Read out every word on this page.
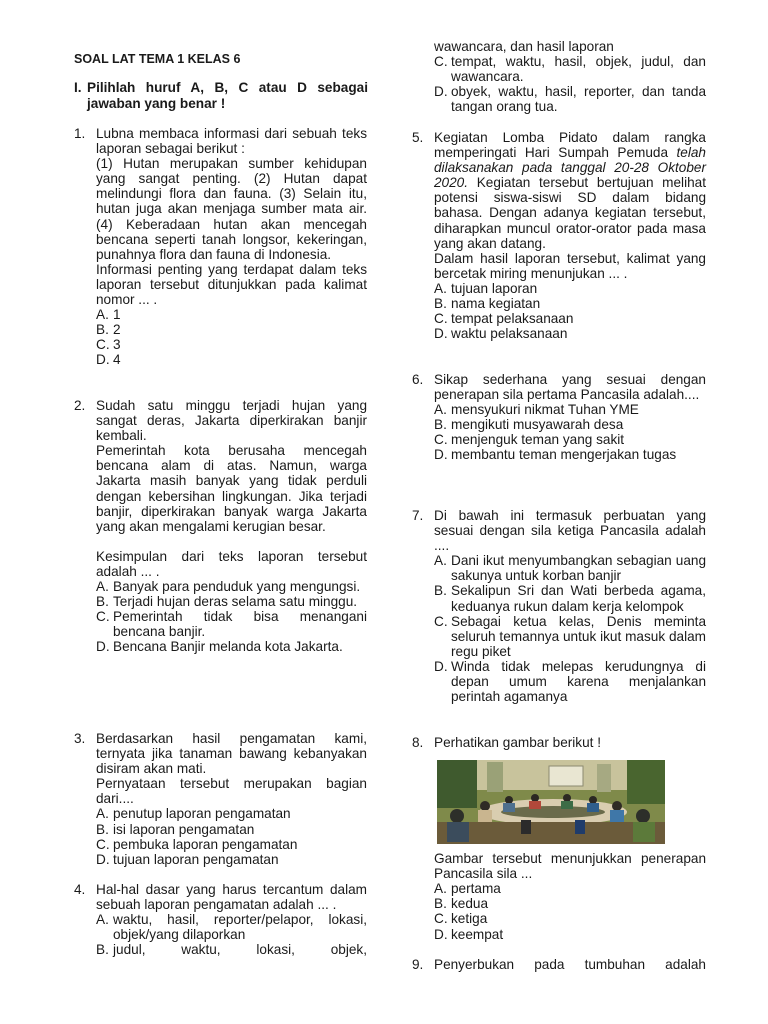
SOAL LAT TEMA 1 KELAS 6
I. Pilihlah huruf A, B, C atau D sebagai jawaban yang benar !

1. Lubna membaca informasi dari sebuah teks laporan sebagai berikut :

(1) Hutan merupakan sumber kehidupan yang sangat penting. (2) Hutan dapat melindungi flora dan fauna. (3) Selain itu, hutan juga akan menjaga sumber mata air. (4) Keberadaan hutan akan mencegah bencana seperti tanah longsor, kekeringan, punahnya flora dan fauna di Indonesia.

Informasi penting yang terdapat dalam teks laporan tersebut ditunjukkan pada kalimat nomor ... .

A. 1
B. 2
C. 3
D. 4
2. Sudah satu minggu terjadi hujan yang sangat deras, Jakarta diperkirakan banjir kembali.

Pemerintah kota berusaha mencegah bencana alam di atas. Namun, warga Jakarta masih banyak yang tidak perduli dengan kebersihan lingkungan. Jika terjadi banjir, diperkirakan banyak warga Jakarta yang akan mengalami kerugian besar.

Kesimpulan dari teks laporan tersebut adalah ... .

A. Banyak para penduduk yang mengungsi.
B. Terjadi hujan deras selama satu minggu.
C. Pemerintah tidak bisa menangani bencana banjir.
D. Bencana Banjir melanda kota Jakarta.
3. Berdasarkan hasil pengamatan kami, ternyata jika tanaman bawang kebanyakan disiram akan mati.

Pernyataan tersebut merupakan bagian dari....

A. penutup laporan pengamatan
B. isi laporan pengamatan
C. pembuka laporan pengamatan
D. tujuan laporan pengamatan
4. Hal-hal dasar yang harus tercantum dalam sebuah laporan pengamatan adalah ... .

A. waktu, hasil, reporter/pelapor, lokasi, objek/yang dilaporkan
B. judul, waktu, lokasi, objek,

wawancara, dan hasil laporan

C. tempat, waktu, hasil, objek, judul, dan wawancara.
D. obyek, waktu, hasil, reporter, dan tanda tangan orang tua.
5. Kegiatan Lomba Pidato dalam rangka memperingati Hari Sumpah Pemuda telah dilaksanakan pada tanggal 20-28 Oktober 2020. Kegiatan tersebut bertujuan melihat potensi siswa-siswi SD dalam bidang bahasa. Dengan adanya kegiatan tersebut, diharapkan muncul orator-orator pada masa yang akan datang.

Dalam hasil laporan tersebut, kalimat yang bercetak miring menunjukan ... .

A. tujuan laporan
B. nama kegiatan
C. tempat pelaksanaan
D. waktu pelaksanaan
6. Sikap sederhana yang sesuai dengan penerapan sila pertama Pancasila adalah....

A. mensyukuri nikmat Tuhan YME
B. mengikuti musyawarah desa
C. menjenguk teman yang sakit
D. membantu teman mengerjakan tugas
7. Di bawah ini termasuk perbuatan yang sesuai dengan sila ketiga Pancasila adalah ....

A. Dani ikut menyumbangkan sebagian uang sakunya untuk korban banjir
B. Sekalipun Sri dan Wati berbeda agama, keduanya rukun dalam kerja kelompok
C. Sebagai ketua kelas, Denis meminta seluruh temannya untuk ikut masuk dalam regu piket
D. Winda tidak melepas kerudungnya di depan umum karena menjalankan perintah agamanya
8. Perhatikan gambar berikut !

Gambar tersebut menunjukkan penerapan Pancasila sila ...

A. pertama
B. kedua
C. ketiga
D. keempat
9. Penyerbukan pada tumbuhan adalah
